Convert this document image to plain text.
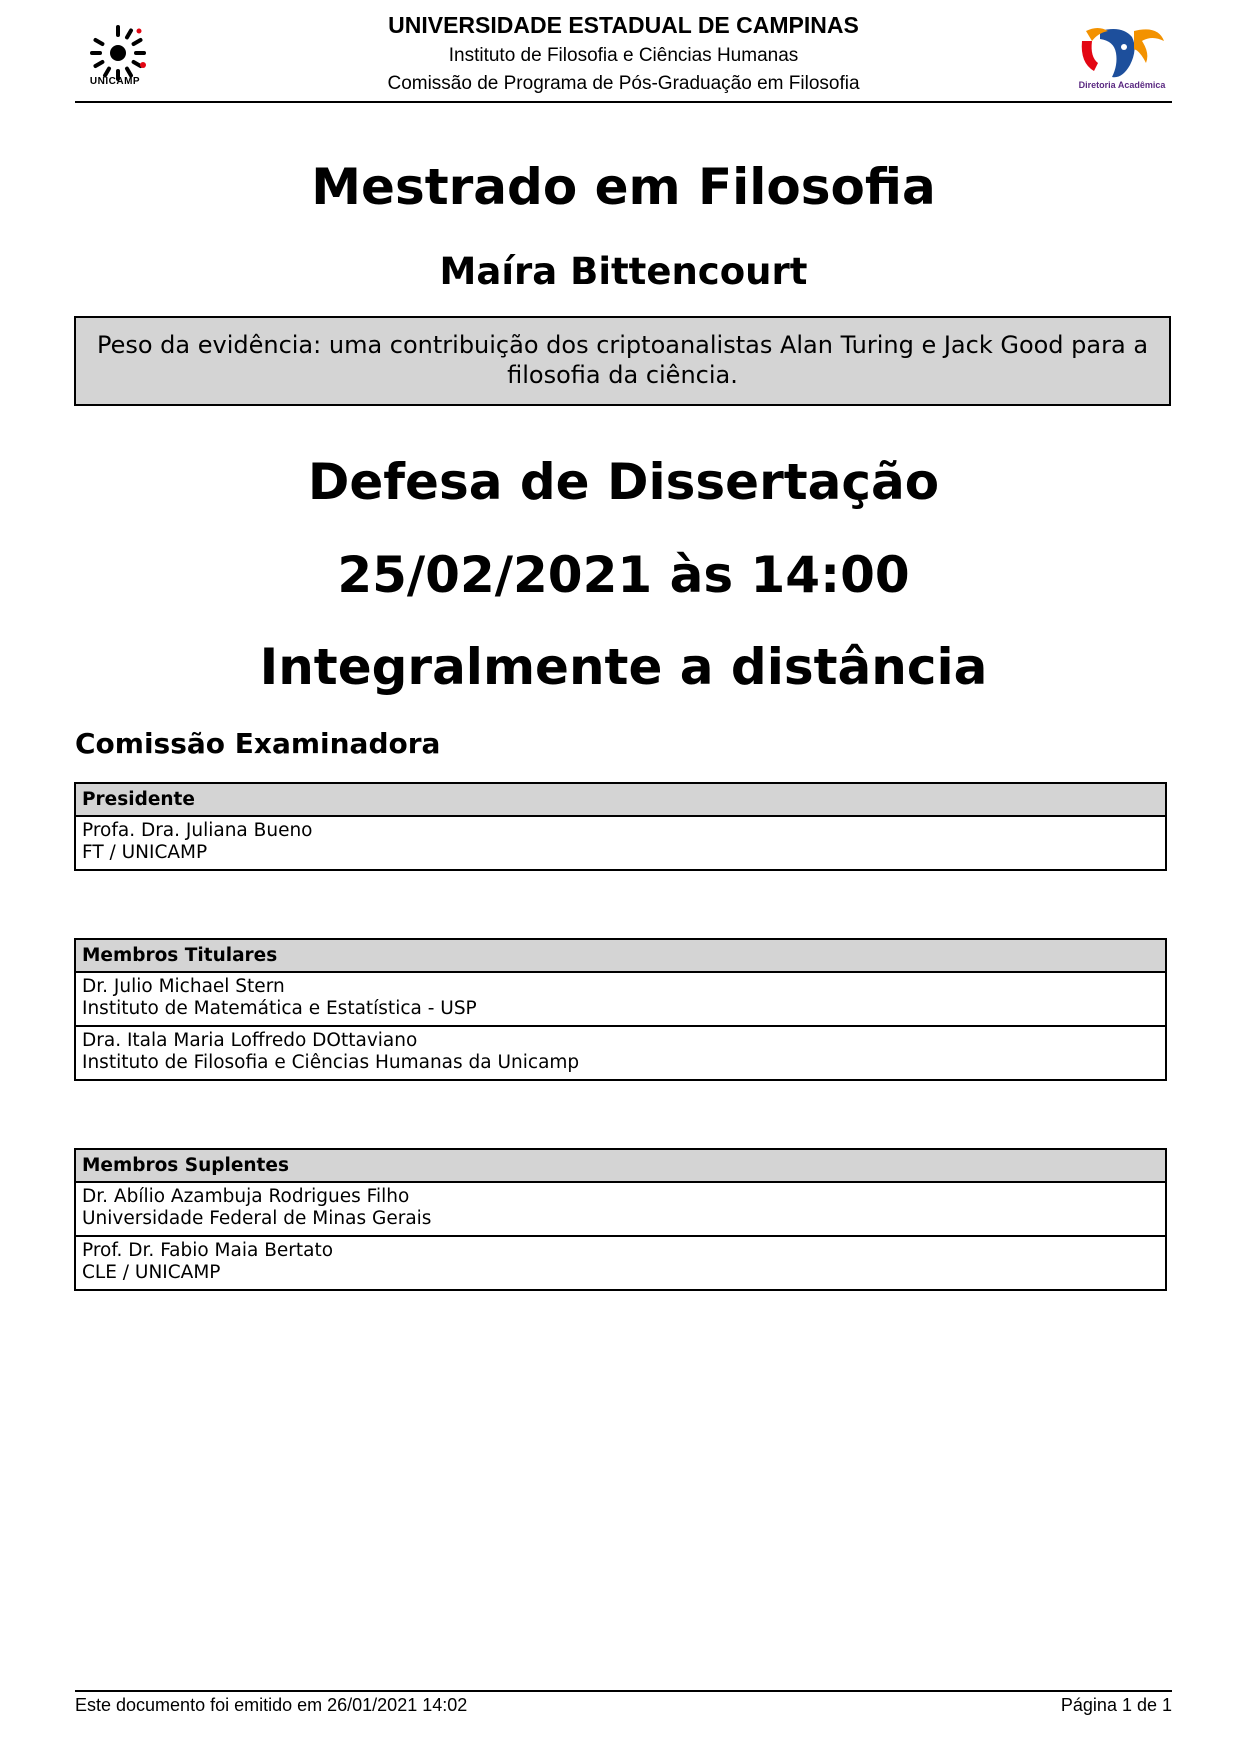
UNICAMP
UNIVERSIDADE ESTADUAL DE CAMPINAS
Instituto de Filosofia e Ciências Humanas
Comissão de Programa de Pós-Graduação em Filosofia	Diretoria Acadêmica
Mestrado em Filosofia
Maíra Bittencourt
Peso da evidência: uma contribuição dos criptoanalistas Alan Turing e Jack Good para a filosofia da ciência.
Defesa de Dissertação
25/02/2021 às 14:00
Integralmente a distância
Comissão Examinadora
Presidente

Profa. Dra. Juliana Bueno
FT / UNICAMP
Membros Titulares

Dr. Julio Michael Stern
Instituto de Matemática e Estatística - USP

Dra. Itala Maria Loffredo DOttaviano
Instituto de Filosofia e Ciências Humanas da Unicamp
Membros Suplentes

Dr. Abílio Azambuja Rodrigues Filho
Universidade Federal de Minas Gerais

Prof. Dr. Fabio Maia Bertato
CLE / UNICAMP
Este documento foi emitido em 26/01/2021 14:02	Página 1 de 1
